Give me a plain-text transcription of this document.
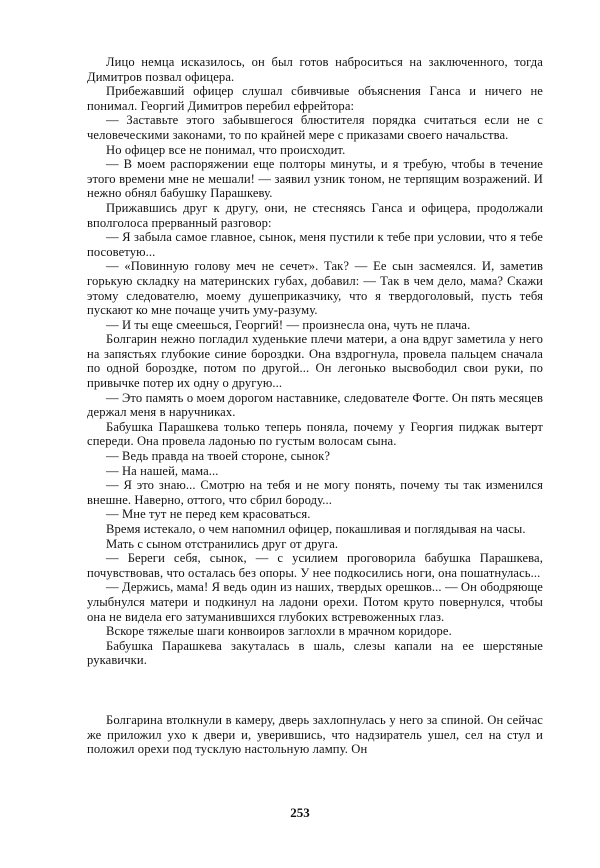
Лицо немца исказилось, он был готов наброситься на заключенного, тогда Димитров позвал офицера.

Прибежавший офицер слушал сбивчивые объяснения Ганса и ничего не понимал. Георгий Димитров перебил ефрейтора:

— Заставьте этого забывшегося блюстителя порядка считаться если не с человеческими законами, то по крайней мере с приказами своего начальства.

Но офицер все не понимал, что происходит.

— В моем распоряжении еще полторы минуты, и я требую, чтобы в течение этого времени мне не мешали! — заявил узник тоном, не терпящим возражений. И нежно обнял бабушку Парашкеву.

Прижавшись друг к другу, они, не стесняясь Ганса и офицера, продолжали вполголоса прерванный разговор:

— Я забыла самое главное, сынок, меня пустили к тебе при условии, что я тебе посоветую...

— «Повинную голову меч не сечет». Так? — Ее сын засмеялся. И, заметив горькую складку на материнских губах, добавил: — Так в чем дело, мама? Скажи этому следователю, моему душеприказчику, что я твердоголовый, пусть тебя пускают ко мне почаще учить уму-разуму.

— И ты еще смеешься, Георгий! — произнесла она, чуть не плача.

Болгарин нежно погладил худенькие плечи матери, а она вдруг заметила у него на запястьях глубокие синие бороздки. Она вздрогнула, провела пальцем сначала по одной бороздке, потом по другой... Он легонько высвободил свои руки, по привычке потер их одну о другую...

— Это память о моем дорогом наставнике, следователе Фогте. Он пять месяцев держал меня в наручниках.

Бабушка Парашкева только теперь поняла, почему у Георгия пиджак вытерт спереди. Она провела ладонью по густым волосам сына.

— Ведь правда на твоей стороне, сынок?

— На нашей, мама...

— Я это знаю... Смотрю на тебя и не могу понять, почему ты так изменился внешне. Наверно, оттого, что сбрил бороду...

— Мне тут не перед кем красоваться.

Время истекало, о чем напомнил офицер, покашливая и поглядывая на часы.

Мать с сыном отстранились друг от друга.

— Береги себя, сынок, — с усилием проговорила бабушка Парашкева, почувствовав, что осталась без опоры. У нее подкосились ноги, она пошатнулась...

— Держись, мама! Я ведь один из наших, твердых орешков... — Он ободряюще улыбнулся матери и подкинул на ладони орехи. Потом круто повернулся, чтобы она не видела его затуманившихся глубоких встревоженных глаз.

Вскоре тяжелые шаги конвоиров заглохли в мрачном коридоре.

Бабушка Парашкева закуталась в шаль, слезы капали на ее шерстяные рукавички.

Болгарина втолкнули в камеру, дверь захлопнулась у него за спиной. Он сейчас же приложил ухо к двери и, уверившись, что надзиратель ушел, сел на стул и положил орехи под тусклую настольную лампу. Он

253
